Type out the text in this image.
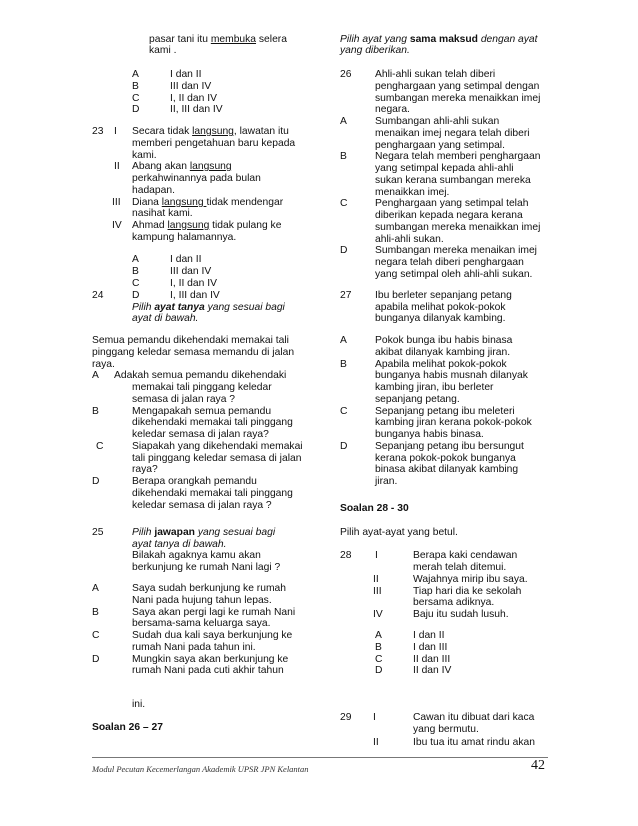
pasar tani itu membuka selera
kami .
A	I dan II
B	III dan IV
C	I, II dan IV
D	II, III dan IV
23 I Secara tidak langsung, lawatan itu
memberi pengetahuan baru kepada
kami.
II Abang akan langsung
perkahwinannya pada bulan
hadapan.
III Diana langsung tidak mendengar
nasihat kami.
IV Ahmad langsung tidak pulang ke
kampung halamannya.
A	I dan II
B	III dan IV
C	I, II dan IV
D	I, III dan IV
24
Pilih ayat tanya yang sesuai bagi
ayat di bawah.
Semua pemandu dikehendaki memakai tali
pinggang keledar semasa memandu di jalan
raya.
A Adakah semua pemandu dikehendaki
memakai tali pinggang keledar
semasa di jalan raya ?
B	Mengapakah semua pemandu
dikehendaki memakai tali pinggang
keledar semasa di jalan raya?
C	Siapakah yang dikehendaki memakai
tali pinggang keledar semasa di jalan
raya?
D	Berapa orangkah pemandu
dikehendaki memakai tali pinggang
keledar semasa di jalan raya ?
25	Pilih jawapan yang sesuai bagi
ayat tanya di bawah.
Bilakah agaknya kamu akan
berkunjung ke rumah Nani lagi ?
A	Saya sudah berkunjung ke rumah
Nani pada hujung tahun lepas.
B	Saya akan pergi lagi ke rumah Nani
bersama-sama keluarga saya.
C	Sudah dua kali saya berkunjung ke
rumah Nani pada tahun ini.
D	Mungkin saya akan berkunjung ke
rumah Nani pada cuti akhir tahun
Pilih ayat yang sama maksud dengan ayat
yang diberikan.
26 Ahli-ahli sukan telah diberi
penghargaan yang setimpal dengan
sumbangan mereka menaikkan imej
negara.
A	Sumbangan ahli-ahli sukan
menaikan imej negara telah diberi
penghargaan yang setimpal.
B	Negara telah memberi penghargaan
yang setimpal kepada ahli-ahli
sukan kerana sumbangan mereka
menaikkan imej.
C	Penghargaan yang setimpal telah
diberikan kepada negara kerana
sumbangan mereka menaikkan imej
ahli-ahli sukan.
D	Sumbangan mereka menaikan imej
negara telah diberi penghargaan
yang setimpal oleh ahli-ahli sukan.
27 Ibu berleter sepanjang petang
apabila melihat pokok-pokok
bunganya dilanyak kambing.
A	Pokok bunga ibu habis binasa
akibat dilanyak kambing jiran.
B	Apabila melihat pokok-pokok
bunganya habis musnah dilanyak
kambing jiran, ibu berleter
sepanjang petang.
C	Sepanjang petang ibu meleteri
kambing jiran kerana pokok-pokok
bunganya habis binasa.
D	Sepanjang petang ibu bersungut
kerana pokok-pokok bunganya
binasa akibat dilanyak kambing
jiran.
Soalan 28 - 30
Pilih ayat-ayat yang betul.
28 I	Berapa kaki cendawan
merah telah ditemui.
II	Wajahnya mirip ibu saya.
III	Tiap hari dia ke sekolah
bersama adiknya.
IV	Baju itu sudah lusuh.
A	I dan II
B	I dan III
C	II dan III
D	II dan IV
Modul Pecutan Kecemerlangan Akademik UPSR JPN Kelantan	42
Soalan 26 – 27
ini.
29 I	Cawan itu dibuat dari kaca
yang bermutu.
II	Ibu tua itu amat rindu akan
